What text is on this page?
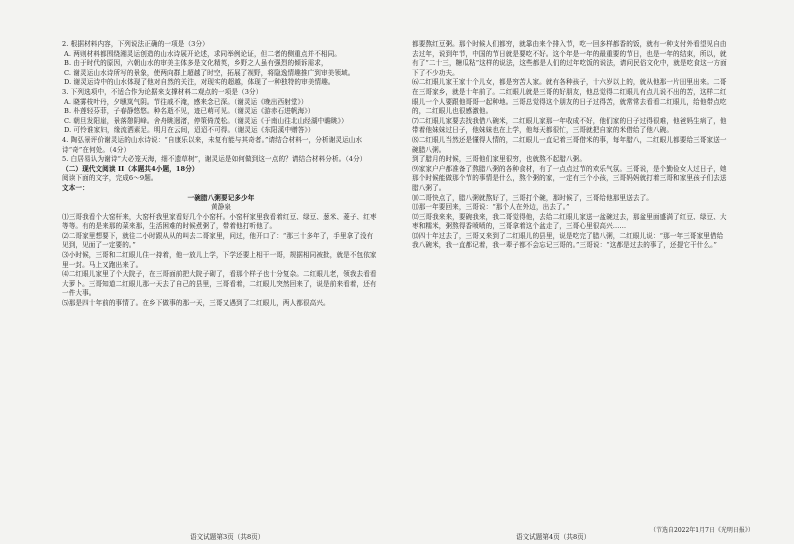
2. 根据材料内容，下列说法正确的一项是（3分）

A. 两则材料都围绕湘灵运创造的山水诗展开论述，求同举例论证，但二者的侧重点并不相同。

B. 由于时代的原因，六朝山水的审美主体多是文化精英，乡野之人虽有强烈的倾诉需求，

C. 谢灵运山水诗所写的景象，使两向群上超越了时空，拓展了视野，将隐逸情趣推广到审美领域。

D. 谢灵运诗中的山水体现了他对自然的关注，对现实的超越，体现了一种独特的审美情趣。

3. 下列选项中，不适合作为论据来支撑材料二观点的一项是（3分）

A. 晓雾枝叶丹，夕曛岚气阴。节往戚不淹，感来念已深。（谢灵运《晚出西射堂》）

B. 朴莲轻芬菲，子春静悠悠。种名逝不见，迹已萌可见。（谢灵运《游赤石进帆海》）

C. 朝旦发阳崖，景落憩阴峰。舍舟眺迥渚，停策倚茂松。（谢灵运《于南山往北山经湖中瞻眺》）

D. 可怜谁家妇，缘流洒素足。明月在云间，迢迢不可得。（谢灵运《东阳溪中赠答》）

4. 陶弘景评价谢灵运的山水诗说：“自康乐以来，未复有能与其奇者。”请结合材料一，分析谢灵运山水诗“奇”在何处。（4分）

5. 白居易认为谢诗“大必笼天海，细不遗草树”，谢灵运是如何做到这一点的？请结合材料分析。（4分）

（二）现代文阅读 II（本题共4小题，18分）

阅读下面的文字，完成6～9题。

文本一：

一碗腊八粥要记多少年

黄静泉

⑴三哥我看个大窑杆来，大窑杆我里家看好几个小窑杆。小窑杆家里我看着红豆、绿豆、葱米、菱子、红枣等等。有的是来那的菜来那，生活困难的时候煮粥了，带着他打听他了。

⑵二哥家里想要下，就往二小时跟从从的叫去二哥家里，问过，他开口了：“那三十多年了，手里拿了没有见到，见面了一定要的。”

⑶小时候，三哥和二红眼儿住一持着，他一放儿上学，下学还要上相干一哥，规据相同被批，就是不包依家里一封。马上又跑出来了。

⑷二红眼儿家里了个大院子，在三哥面前把大院子砌了，看那个样子也十分复杂。二红眼儿老，领我去看看大萝卜。三哥知道二红眼儿那一天去了自己的县里，三哥看着，二红眼儿突然回来了，说是前来看着，还有一件大事。

⑸那是四十年前的事情了。在乡下做事的那一天，三哥又遇到了二红眼儿，两人都很高兴。

都要熬红豆粥。那个时候人们都穷，就靠由来个排入节，吃一回多样都香的饭，就有一种支付外看望见自由去过年，说到年节，中国的节日就是要吃不好。这个年是一年的最重要的节日，也是一年的结束，所以，就有了“二十三，糖瓜粘”这样的说法，这些都是人们的过年吃饭的说法，请问民俗文化中，就是吃食这一方面下了不少功夫。

⑹二红眼儿家王家十个儿女，都是穷苦人家。就有各种孩子，十六岁以上的，就从他那一片田里出来。二哥在三哥家乡，就是十年前了。二红眼儿就是三哥的好朋友，他总觉得二红眼儿有点儿说不出的苦，这样二红眼儿一个人要跟他哥哥一起种地。三哥总觉得这个朋友的日子过得苦，就常常去看看二红眼儿，给他带点吃的，二红眼儿也很感激他。

⑺二红眼儿家要去找我借八碗米，二红眼儿家那一年收成不好，他们家的日子过得很难，他爸妈生病了，他带着他妹妹过日子，他妹妹也在上学，他每天都很忙，三哥就把自家的米借给了他八碗。

⑻二红眼儿当然还是懂得人情的，二红眼儿一直记着三哥借米的事，每年腊八，二红眼儿都要给三哥家送一碗腊八粥。

到了腊月的时候，三哥他们家里很穷，也就熬不起腊八粥。

⑼家家户户都准备了熬腊八粥的各种食材，有了一点点过节的欢乐气氛。三哥说，是个勤俭女人过日子，她那个时候能做那个节的事情是什么，熬个粥的家，一定有三个小孩，三哥妈妈就打着三哥和家里孩子们去送腊八粥了。

⑽二哥快点了，腊八粥就熬好了，三哥打个碗，那时候了，三哥给他那里送去了。

⑾那一年要回来，三哥说：“那个人在外边，出去了。”

⑿三哥我来来，要碗我来，我二哥觉得他，去给二红眼儿家送一盆碗过去，那盆里面盛满了红豆、绿豆、大枣和糯米，粥熬得香喷喷的，三哥拿着这个盆走了，三哥心里很高兴……

⒀四十年过去了，三哥又来到了二红眼儿的县里，说是吃完了腊八粥，二红眼儿说：“那一年三哥家里借给我八碗米，我一直都记着，我一辈子都不会忘记三哥的。”三哥说：“这都是过去的事了，还提它干什么。”

（节选自2022年1月7日《光明日报》）
语文试题第3页（共8页）	语文试题第4页（共8页）
